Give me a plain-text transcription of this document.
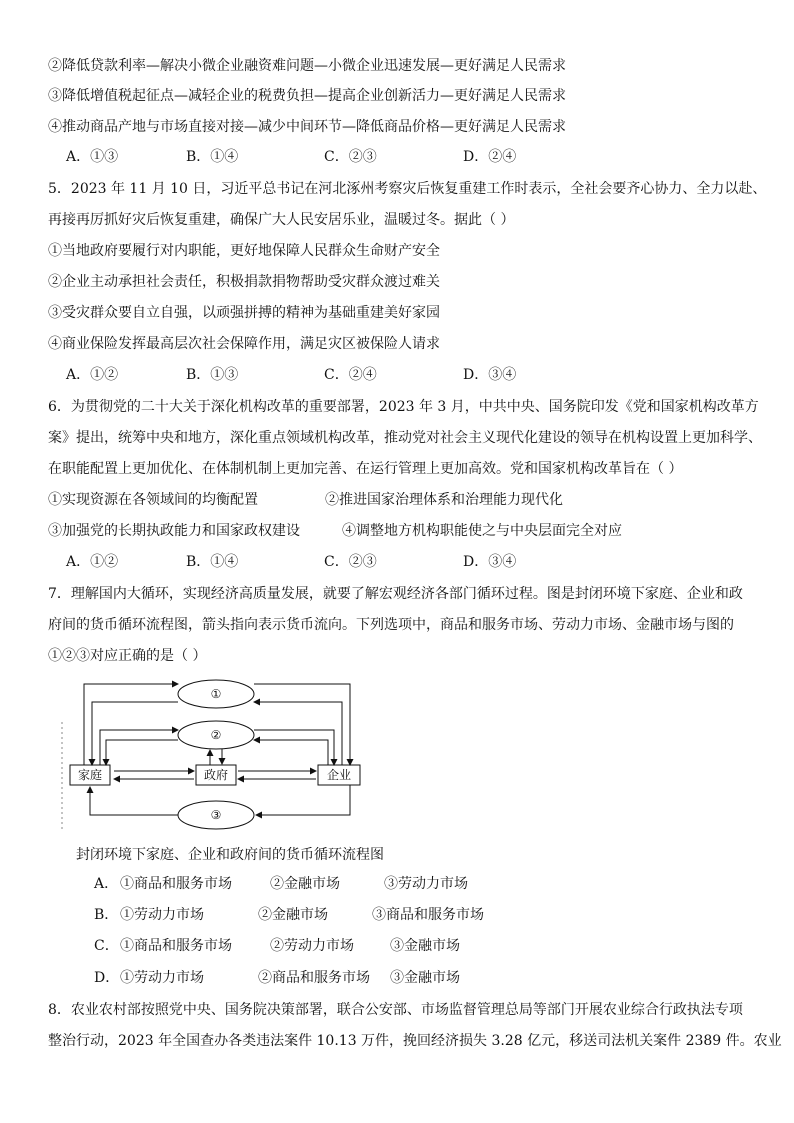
②降低贷款利率—解决小微企业融资难问题—小微企业迅速发展—更好满足人民需求
③降低增值税起征点—减轻企业的税费负担—提高企业创新活力—更好满足人民需求
④推动商品产地与市场直接对接—减少中间环节—降低商品价格—更好满足人民需求
A．①③	B．①④	C．②③	D．②④
5．2023 年 11 月 10 日，习近平总书记在河北涿州考察灾后恢复重建工作时表示，全社会要齐心协力、全力以赴、
再接再厉抓好灾后恢复重建，确保广大人民安居乐业，温暖过冬。据此（ ）
①当地政府要履行对内职能，更好地保障人民群众生命财产安全
②企业主动承担社会责任，积极捐款捐物帮助受灾群众渡过难关
③受灾群众要自立自强，以顽强拼搏的精神为基础重建美好家园
④商业保险发挥最高层次社会保障作用，满足灾区被保险人请求
A．①②	B．①③	C．②④	D．③④
6．为贯彻党的二十大关于深化机构改革的重要部署，2023 年 3 月，中共中央、国务院印发《党和国家机构改革方
案》提出，统筹中央和地方，深化重点领域机构改革，推动党对社会主义现代化建设的领导在机构设置上更加科学、
在职能配置上更加优化、在体制机制上更加完善、在运行管理上更加高效。党和国家机构改革旨在（ ）
①实现资源在各领域间的均衡配置	②推进国家治理体系和治理能力现代化
③加强党的长期执政能力和国家政权建设	④调整地方机构职能使之与中央层面完全对应
A．①②	B．①④	C．②③	D．③④
7．理解国内大循环，实现经济高质量发展，就要了解宏观经济各部门循环过程。图是封闭环境下家庭、企业和政
府间的货币循环流程图，箭头指向表示货币流向。下列选项中，商品和服务市场、劳动力市场、金融市场与图的
①②③对应正确的是（ ）
①
②
③
家庭	政府	企业
封闭环境下家庭、企业和政府间的货币循环流程图
A． ①商品和服务市场	②金融市场	③劳动力市场
B． ①劳动力市场	②金融市场	③商品和服务市场
C． ①商品和服务市场	②劳动力市场	③金融市场
D． ①劳动力市场	②商品和服务市场 ③金融市场
8．农业农村部按照党中央、国务院决策部署，联合公安部、市场监督管理总局等部门开展农业综合行政执法专项
整治行动，2023 年全国查办各类违法案件 10.13 万件，挽回经济损失 3.28 亿元，移送司法机关案件 2389 件。农业
